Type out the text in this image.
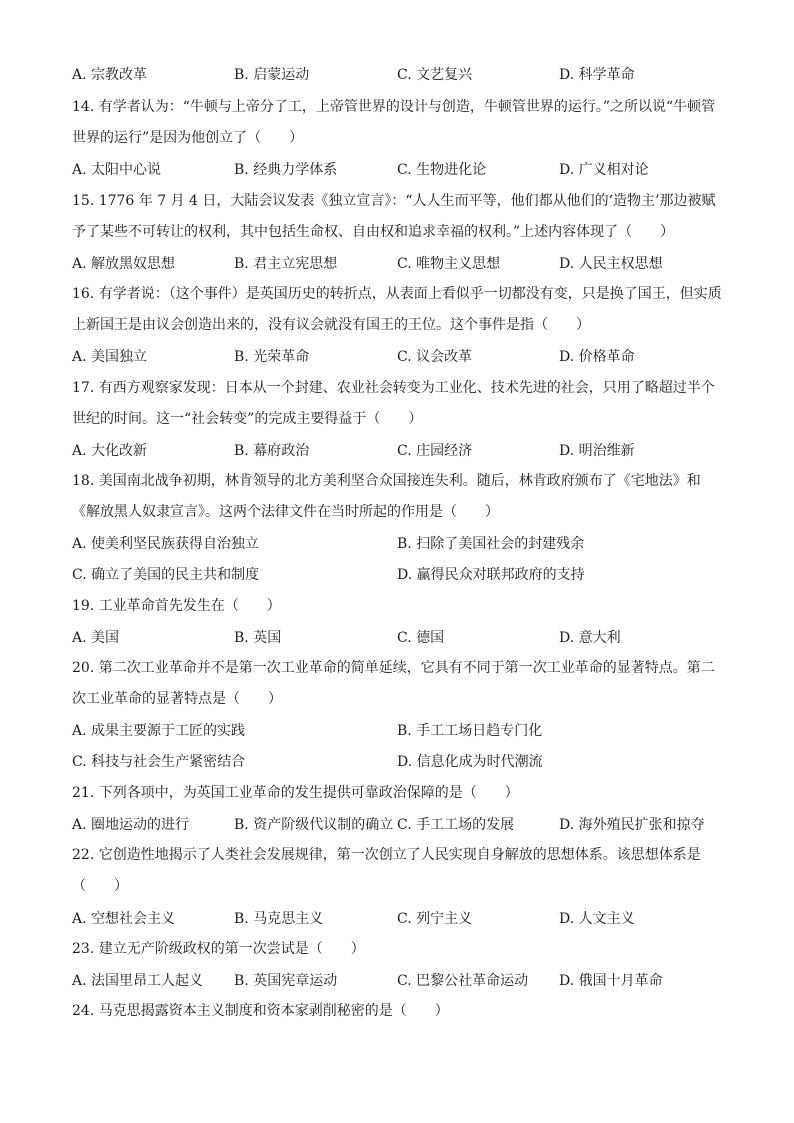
A. 宗教改革	B. 启蒙运动	C. 文艺复兴	D. 科学革命

14. 有学者认为：“牛顿与上帝分了工，上帝管世界的设计与创造，牛顿管世界的运行。”之所以说“牛顿管世界的运行”是因为他创立了（　　）

A. 太阳中心说	B. 经典力学体系	C. 生物进化论	D. 广义相对论

15. 1776 年 7 月 4 日，大陆会议发表《独立宣言》：“人人生而平等，他们都从他们的‘造物主’那边被赋予了某些不可转让的权利，其中包括生命权、自由权和追求幸福的权利。”上述内容体现了（　　）

A. 解放黑奴思想	B. 君主立宪思想	C. 唯物主义思想	D. 人民主权思想

16. 有学者说：（这个事件）是英国历史的转折点，从表面上看似乎一切都没有变，只是换了国王，但实质上新国王是由议会创造出来的，没有议会就没有国王的王位。这个事件是指（　　）

A. 美国独立	B. 光荣革命	C. 议会改革	D. 价格革命

17. 有西方观察家发现：日本从一个封建、农业社会转变为工业化、技术先进的社会，只用了略超过半个世纪的时间。这一“社会转变”的完成主要得益于（　　）

A. 大化改新	B. 幕府政治	C. 庄园经济	D. 明治维新

18. 美国南北战争初期，林肯领导的北方美利坚合众国接连失利。随后，林肯政府颁布了《宅地法》和《解放黑人奴隶宣言》。这两个法律文件在当时所起的作用是（　　）

A. 使美利坚民族获得自治独立	B. 扫除了美国社会的封建残余
C. 确立了美国的民主共和制度	D. 赢得民众对联邦政府的支持

19. 工业革命首先发生在（　　）

A. 美国	B. 英国	C. 德国	D. 意大利

20. 第二次工业革命并不是第一次工业革命的简单延续，它具有不同于第一次工业革命的显著特点。第二次工业革命的显著特点是（　　）

A. 成果主要源于工匠的实践	B. 手工工场日趋专门化
C. 科技与社会生产紧密结合	D. 信息化成为时代潮流

21. 下列各项中，为英国工业革命的发生提供可靠政治保障的是（　　）

A. 圈地运动的进行	B. 资产阶级代议制的确立 C. 手工工场的发展	D. 海外殖民扩张和掠夺

22. 它创造性地揭示了人类社会发展规律，第一次创立了人民实现自身解放的思想体系。该思想体系是（　　）

A. 空想社会主义	B. 马克思主义	C. 列宁主义	D. 人文主义

23. 建立无产阶级政权的第一次尝试是（　　）

A. 法国里昂工人起义 B. 英国宪章运动	C. 巴黎公社革命运动 D. 俄国十月革命

24. 马克思揭露资本主义制度和资本家剥削秘密的是（　　）
